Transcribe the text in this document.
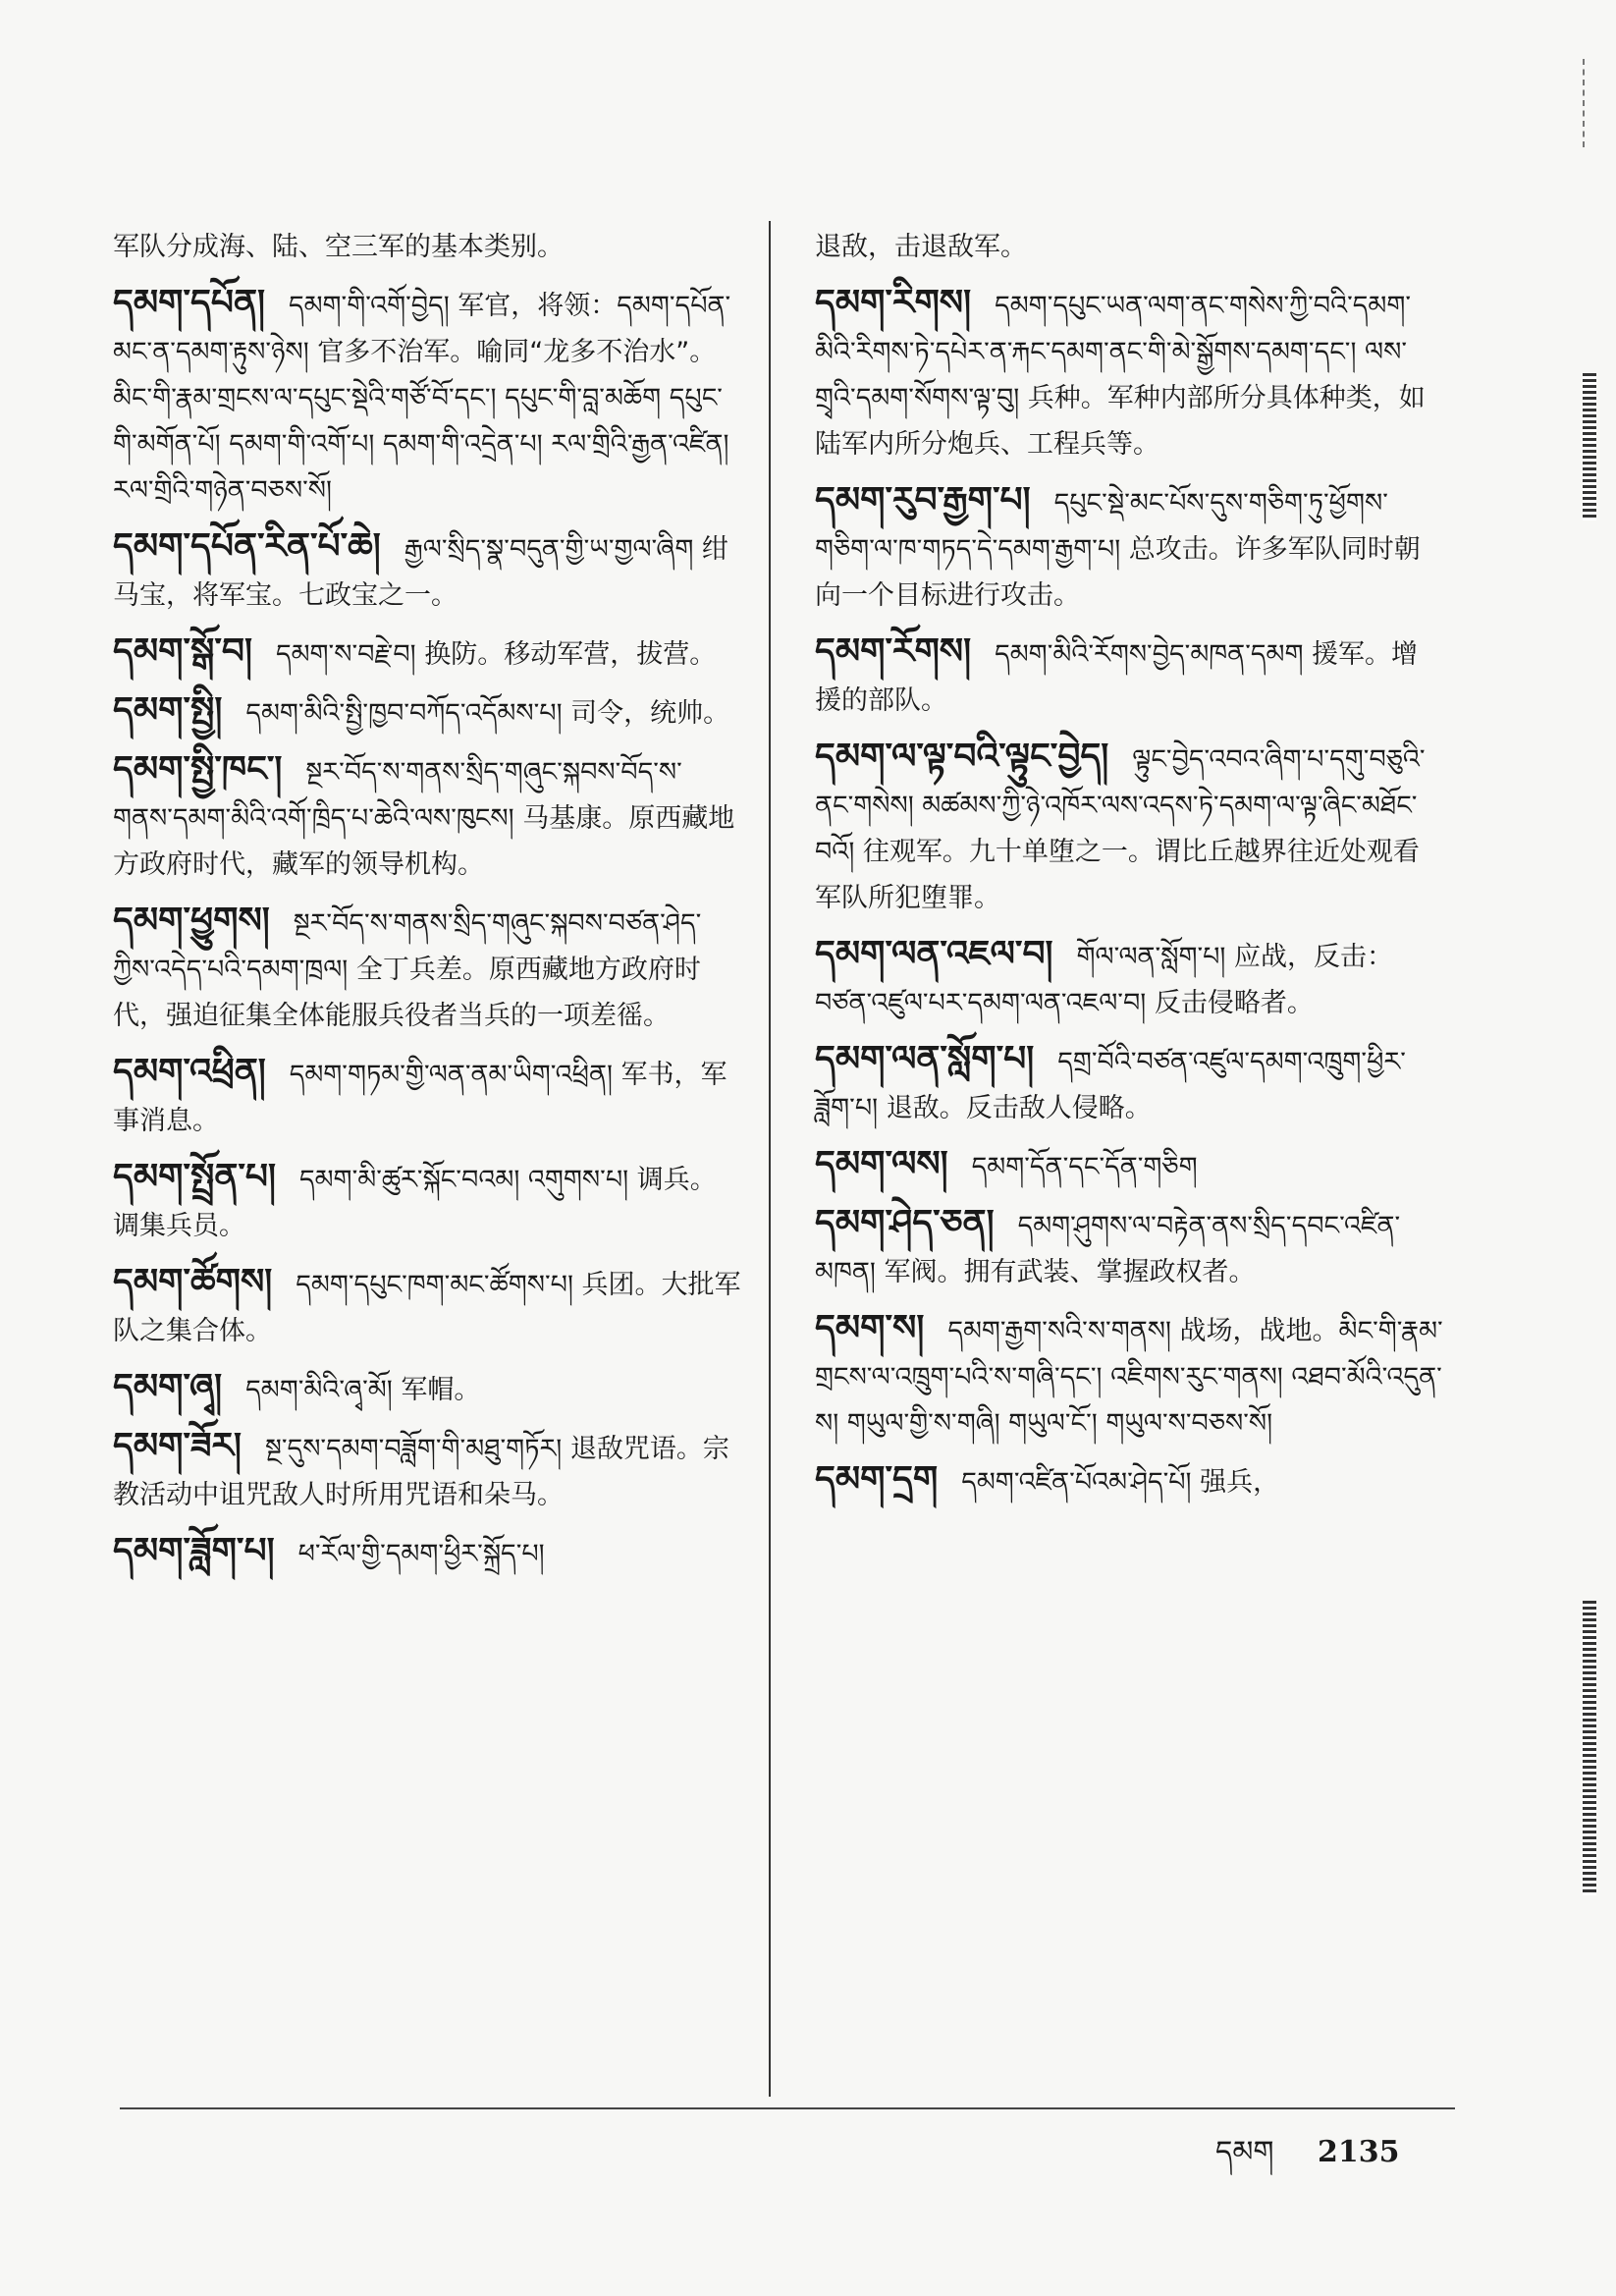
军队分成海、陆、空三军的基本类别。
དམག་དཔོན། དམག་གི་འགོ་བྱེད། 军官，将领：དམག་དཔོན་མང་ན་དམག་རྟུས་ཉེས། 官多不治军。喻同“龙多不治水”。མིང་གི་རྣམ་གྲངས་ལ་དཔུང་སྡེའི་གཙོ་བོ་དང་། དཔུང་གི་བླ་མཆོག དཔུང་གི་མགོན་པོ། དམག་གི་འགོ་པ། དམག་གི་འདྲེན་པ། རལ་གྲིའི་རྒྱན་འཛིན། རལ་གྲིའི་གཉེན་བཅས་སོ།
དམག་དཔོན་རིན་པོ་ཆེ། རྒྱལ་སྲིད་སྣ་བདུན་གྱི་ཡ་གྱལ་ཞིག 绀马宝，将军宝。七政宝之一。
དམག་སྒོ་བ། དམག་ས་བརྗེ་བ། 换防。移动军营，拔营。
དམག་སྤྱི། དམག་མིའི་སྤྱི་ཁྱབ་བཀོད་འདོམས་པ། 司令，统帅。
དམག་སྤྱི་ཁང་། སྔར་བོད་ས་གནས་སྲིད་གཞུང་སྐབས་བོད་ས་གནས་དམག་མིའི་འགོ་ཁྲིད་པ་ཆེའི་ལས་ཁུངས། 马基康。原西藏地方政府时代，藏军的领导机构。
དམག་ཕྱུགས། སྔར་བོད་ས་གནས་སྲིད་གཞུང་སྐབས་བཙན་ཤེད་ཀྱིས་འདེད་པའི་དམག་ཁྲལ། 全丁兵差。原西藏地方政府时代，强迫征集全体能服兵役者当兵的一项差徭。
དམག་འཕྲིན། དམག་གཏམ་གྱི་ལན་ནམ་ཡིག་འཕྲིན། 军书，军事消息。
དམག་སྤྲོན་པ། དམག་མི་ཚུར་སྐོང་བའམ། འགུགས་པ། 调兵。调集兵员。
དམག་ཚོགས། དམག་དཔུང་ཁག་མང་ཚོགས་པ། 兵团。大批军队之集合体。
དམག་ཞྭ། དམག་མིའི་ཞྭ་མོ། 军帽。
དམག་ཟོར། སྔ་དུས་དམག་བཟློག་གི་མཐུ་གཏོར། 退敌咒语。宗教活动中诅咒敌人时所用咒语和朵马。
དམག་ཟློག་པ། ཕ་རོལ་གྱི་དམག་ཕྱིར་སྐྲོད་པ།
退敌，击退敌军。
དམག་རིགས། དམག་དཔུང་ཡན་ལག་ནང་གསེས་ཀྱི་བའི་དམག་མིའི་རིགས་ཏེ་དཔེར་ན་རྐང་དམག་ནང་གི་མེ་སྒྱོགས་དམག་དང་། ལས་གྲྭའི་དམག་སོགས་ལྟ་བུ། 兵种。军种内部所分具体种类，如陆军内所分炮兵、工程兵等。
དམག་རུབ་རྒྱག་པ། དཔུང་སྡེ་མང་པོས་དུས་གཅིག་ཏུ་ཕྱོགས་གཅིག་ལ་ཁ་གཏད་དེ་དམག་རྒྱག་པ། 总攻击。许多军队同时朝向一个目标进行攻击。
དམག་རོགས། དམག་མིའི་རོགས་བྱེད་མཁན་དམག 援军。增援的部队。
དམག་ལ་ལྟ་བའི་ལྟུང་བྱེད། ལྟུང་བྱེད་འབའ་ཞིག་པ་དགུ་བཅུའི་ནང་གསེས། མཚམས་ཀྱི་ཉེ་འཁོར་ལས་འདས་ཏེ་དམག་ལ་ལྟ་ཞིང་མཐོང་བའོ། 往观军。九十单堕之一。谓比丘越界往近处观看军队所犯堕罪。
དམག་ལན་འཇལ་བ། གོལ་ལན་སློག་པ། 应战，反击：བཙན་འཛུལ་པར་དམག་ལན་འཇལ་བ། 反击侵略者。
དམག་ལན་སློག་པ། དགྲ་བོའི་བཙན་འཛུལ་དམག་འཁྲུག་ཕྱིར་ཟློག་པ། 退敌。反击敌人侵略。
དམག་ལས། དམག་དོན་དང་དོན་གཅིག
དམག་ཤེད་ཅན། དམག་ཤུགས་ལ་བརྟེན་ནས་སྲིད་དབང་འཛིན་མཁན། 军阀。拥有武装、掌握政权者。
དམག་ས། དམག་རྒྱག་སའི་ས་གནས། 战场，战地。མིང་གི་རྣམ་གྲངས་ལ་འཁྲུག་པའི་ས་གཞི་དང་། འཇིགས་རུང་གནས། འཐབ་མོའི་འདུན་ས། གཡུལ་གྱི་ས་གཞི། གཡུལ་ངོ་། གཡུལ་ས་བཅས་སོ།
དམག་དྲག དམག་འཛིན་པོའམ་ཤེད་པོ། 强兵，
དམག 2135
